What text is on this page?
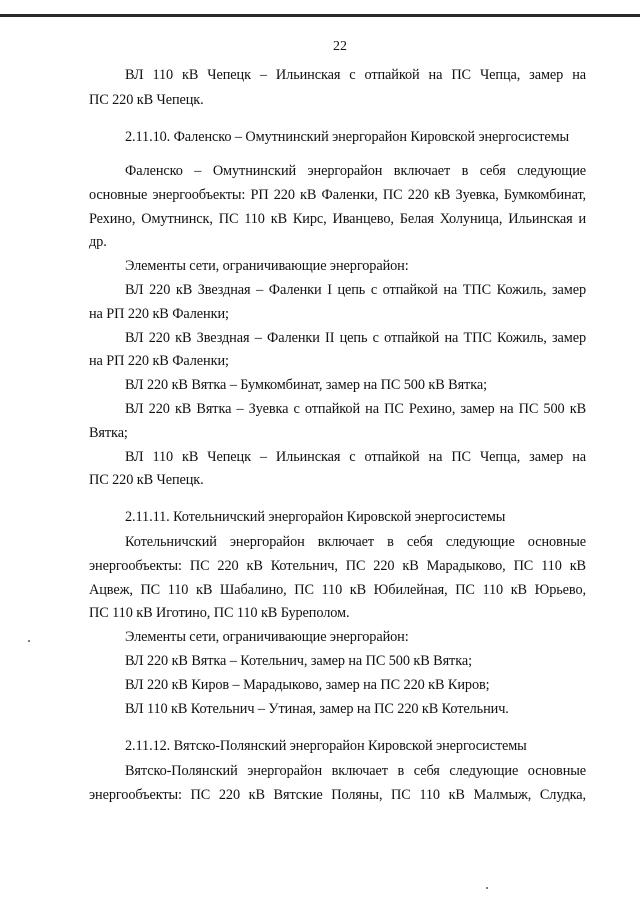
22
ВЛ 110 кВ Чепецк – Ильинская с отпайкой на ПС Чепца, замер на
ПС 220 кВ Чепецк.
2.11.10. Фаленско – Омутнинский энергорайон Кировской энергосистемы
Фаленско – Омутнинский энергорайон включает в себя следующие
основные энергообъекты: РП 220 кВ Фаленки, ПС 220 кВ Зуевка, Бумкомбинат,
Рехино, Омутнинск, ПС 110 кВ Кирс, Иванцево, Белая Холуница, Ильинская и
др.
Элементы сети, ограничивающие энергорайон:
ВЛ 220 кВ Звездная – Фаленки I цепь с отпайкой на ТПС Кожиль, замер
на РП 220 кВ Фаленки;
ВЛ 220 кВ Звездная – Фаленки II цепь с отпайкой на ТПС Кожиль, замер
на РП 220 кВ Фаленки;
ВЛ 220 кВ Вятка – Бумкомбинат, замер на ПС 500 кВ Вятка;
ВЛ 220 кВ Вятка – Зуевка с отпайкой на ПС Рехино, замер на ПС 500 кВ
Вятка;
ВЛ 110 кВ Чепецк – Ильинская с отпайкой на ПС Чепца, замер на
ПС 220 кВ Чепецк.
2.11.11. Котельничский энергорайон Кировской энергосистемы
Котельничский энергорайон включает в себя следующие основные
энергообъекты: ПС 220 кВ Котельнич, ПС 220 кВ Марадыково, ПС 110 кВ
Ацвеж, ПС 110 кВ Шабалино, ПС 110 кВ Юбилейная, ПС 110 кВ Юрьево,
ПС 110 кВ Иготино, ПС 110 кВ Буреполом.
Элементы сети, ограничивающие энергорайон:
ВЛ 220 кВ Вятка – Котельнич, замер на ПС 500 кВ Вятка;
ВЛ 220 кВ Киров – Марадыково, замер на ПС 220 кВ Киров;
ВЛ 110 кВ Котельнич – Утиная, замер на ПС 220 кВ Котельнич.
2.11.12. Вятско-Полянский энергорайон Кировской энергосистемы
Вятско-Полянский энергорайон включает в себя следующие основные
энергообъекты: ПС 220 кВ Вятские Поляны, ПС 110 кВ Малмыж, Слудка,
